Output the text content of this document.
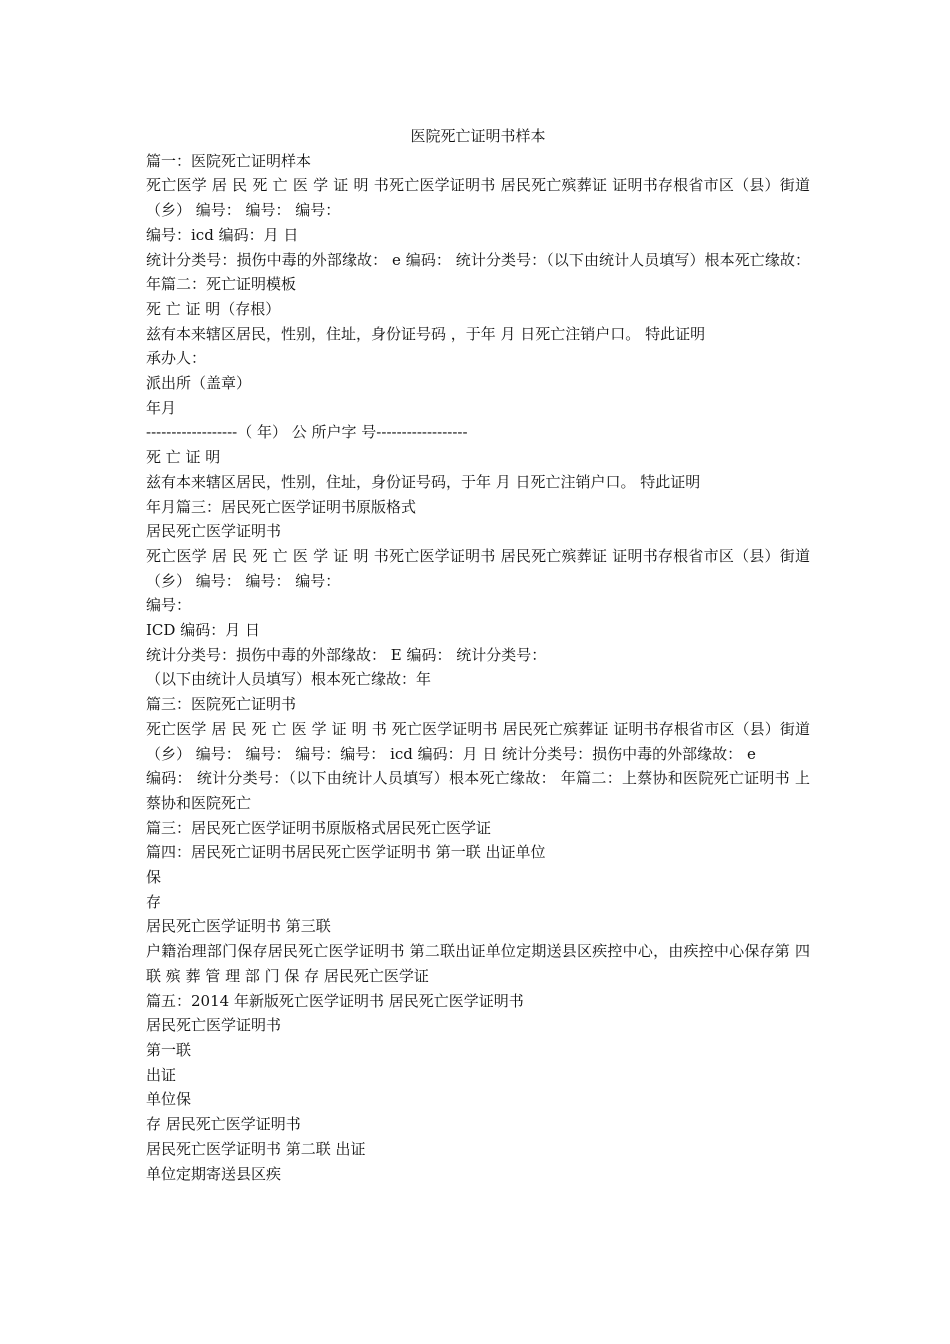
医院死亡证明书样本
篇一：医院死亡证明样本
死亡医学 居 民 死 亡 医 学 证 明 书死亡医学证明书 居民死亡殡葬证 证明书存根省市区（县）街道（乡） 编号： 编号： 编号：
编号：icd 编码：月 日
统计分类号：损伤中毒的外部缘故： e 编码： 统计分类号：（以下由统计人员填写）根本死亡缘故：年篇二：死亡证明模板
死 亡 证 明（存根）
兹有本来辖区居民，性别，住址，身份证号码 ，于年 月 日死亡注销户口。 特此证明
承办人：
派出所（盖章）
年月
------------------（ 年） 公 所户字 号------------------
死 亡 证 明
兹有本来辖区居民，性别，住址，身份证号码，于年 月 日死亡注销户口。 特此证明
年月篇三：居民死亡医学证明书原版格式
居民死亡医学证明书
死亡医学 居 民 死 亡 医 学 证 明 书死亡医学证明书 居民死亡殡葬证 证明书存根省市区（县）街道（乡） 编号： 编号： 编号：
编号：
ICD 编码：月 日
统计分类号：损伤中毒的外部缘故： E 编码： 统计分类号：
（以下由统计人员填写）根本死亡缘故：年
篇三：医院死亡证明书
死亡医学 居 民 死 亡 医 学 证 明 书 死亡医学证明书 居民死亡殡葬证 证明书存根省市区（县）街道（乡） 编号： 编号： 编号：编号： icd 编码：月 日 统计分类号：损伤中毒的外部缘故： e
编码： 统计分类号：（以下由统计人员填写）根本死亡缘故： 年篇二：上蔡协和医院死亡证明书 上蔡协和医院死亡
篇三：居民死亡医学证明书原版格式居民死亡医学证
篇四：居民死亡证明书居民死亡医学证明书 第一联 出证单位
保
存
居民死亡医学证明书 第三联
户籍治理部门保存居民死亡医学证明书 第二联出证单位定期送县区疾控中心，由疾控中心保存第 四 联 殡 葬 管 理 部 门 保 存 居民死亡医学证
篇五：2014 年新版死亡医学证明书 居民死亡医学证明书
居民死亡医学证明书
第一联
出证
单位保
存 居民死亡医学证明书
居民死亡医学证明书 第二联 出证
单位定期寄送县区疾
